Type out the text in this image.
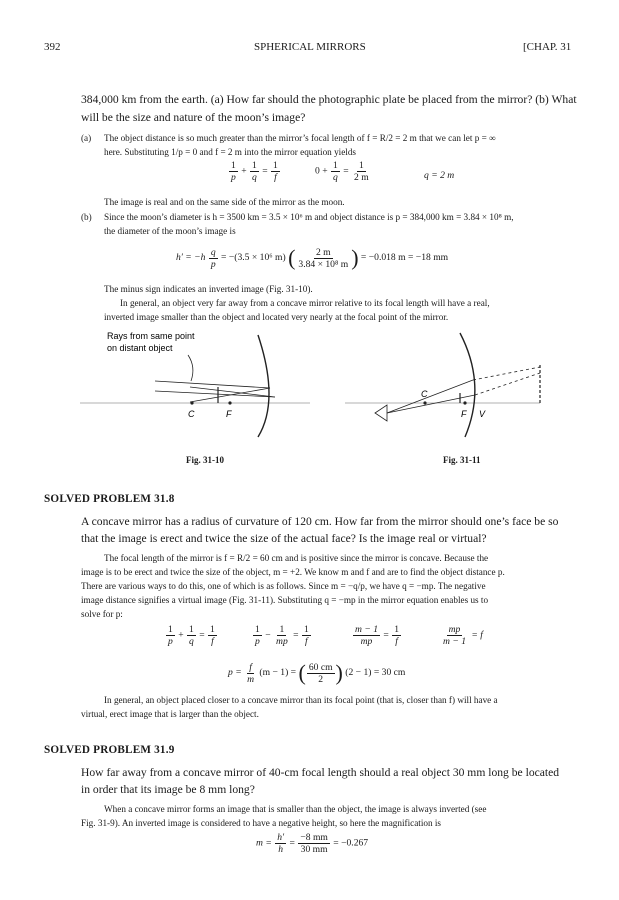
392	SPHERICAL MIRRORS	[CHAP. 31
384,000 km from the earth. (a) How far should the photographic plate be placed from the mirror? (b) What will be the size and nature of the moon’s image?
(a) The object distance is so much greater than the mirror’s focal length of f = R/2 = 2 m that we can let p = ∞
here. Substituting 1/p = 0 and f = 2 m into the mirror equation yields
$\frac{1}{p} + \frac{1}{q} = \frac{1}{f}$	$0 + \frac{1}{q} = \frac{1}{2 m}$	q = 2 m
The image is real and on the same side of the mirror as the moon.
(b) Since the moon’s diameter is h = 3500 km = 3.5 × 10⁶ m and object distance is p = 384,000 km = 3.84 × 10⁸ m,
the diameter of the moon’s image is
$h' = -h \frac{q}{p} = -(3.5 \times 10^6$ m) ( $\frac{2 m}{\text{3.84 × 10⁸ m}}$ ) = −0.018 m = −18 mm
The minus sign indicates an inverted image (Fig. 31-10).
In general, an object very far away from a concave mirror relative to its focal length will have a real,
inverted image smaller than the object and located very nearly at the focal point of the mirror.
Rays from same point
on distant object
C	F
Fig. 31-10
C
F V
Fig. 31-11
SOLVED PROBLEM 31.8
A concave mirror has a radius of curvature of 120 cm. How far from the mirror should one’s face be so
that the image is erect and twice the size of the actual face? Is the image real or virtual?
The focal length of the mirror is f = R/2 = 60 cm and is positive since the mirror is concave. Because the
image is to be erect and twice the size of the object, m = +2. We know m and f and are to find the object distance p.
There are various ways to do this, one of which is as follows. Since m = −q/p, we have q = −mp. The negative
image distance signifies a virtual image (Fig. 31-11). Substituting q = −mp in the mirror equation enables us to
solve for p:
$\frac{1}{p} + \frac{1}{q} = \frac{1}{f}$	$\frac{1}{p} - \frac{1}{mp} = \frac{1}{f}$	$\frac{m - 1}{mp} = \frac{1}{f}$	$\frac{mp}{m - 1} = f$
$p = \frac{f}{m} (m - 1)$ = ( $\frac{60 cm}{2}$ ) (2 − 1) = 30 cm
In general, an object placed closer to a concave mirror than its focal point (that is, closer than f) will have a
virtual, erect image that is larger than the object.
SOLVED PROBLEM 31.9
How far away from a concave mirror of 40-cm focal length should a real object 30 mm long be located
in order that its image be 8 mm long?
When a concave mirror forms an image that is smaller than the object, the image is always inverted (see
Fig. 31-9). An inverted image is considered to have a negative height, so here the magnification is
$m = \frac{h'}{h} = \frac{-8 mm}{30 mm} = -0.267$
